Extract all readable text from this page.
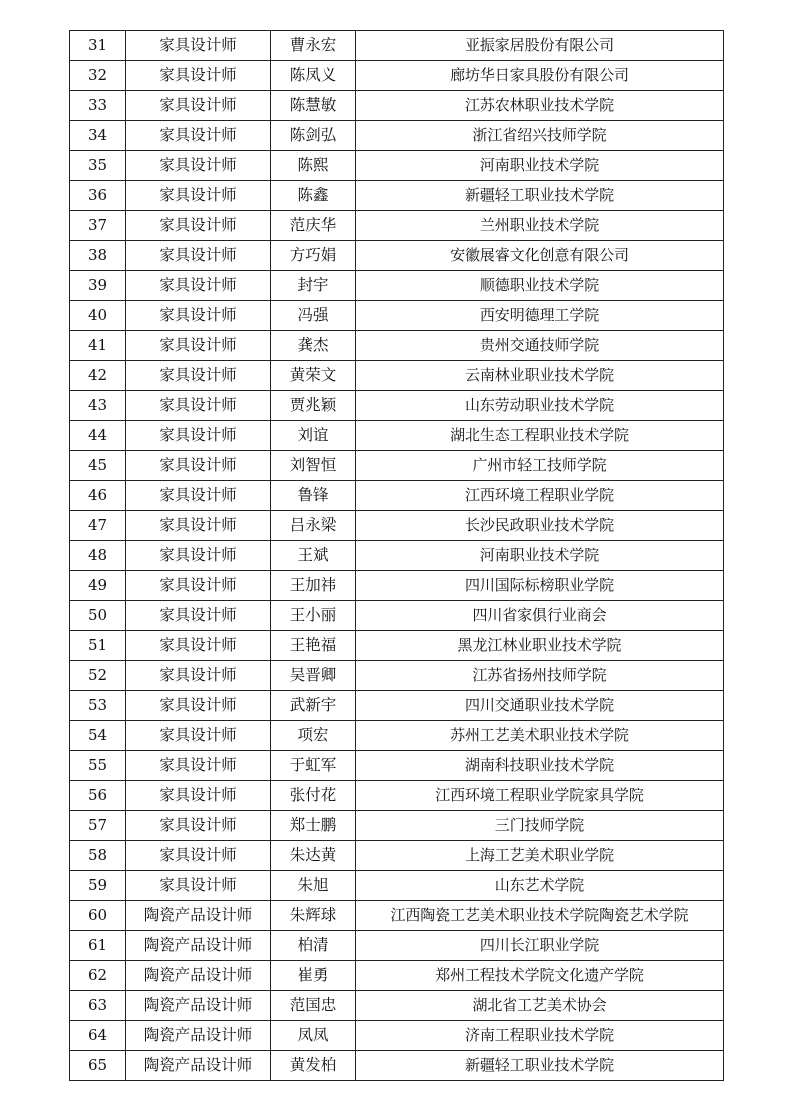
31	家具设计师	曹永宏	亚振家居股份有限公司
32	家具设计师	陈凤义	廊坊华日家具股份有限公司
33	家具设计师	陈慧敏	江苏农林职业技术学院
34	家具设计师	陈剑弘	浙江省绍兴技师学院
35	家具设计师	陈熙	河南职业技术学院
36	家具设计师	陈鑫	新疆轻工职业技术学院
37	家具设计师	范庆华	兰州职业技术学院
38	家具设计师	方巧娟	安徽展睿文化创意有限公司
39	家具设计师	封宇	顺德职业技术学院
40	家具设计师	冯强	西安明德理工学院
41	家具设计师	龚杰	贵州交通技师学院
42	家具设计师	黄荣文	云南林业职业技术学院
43	家具设计师	贾兆颖	山东劳动职业技术学院
44	家具设计师	刘谊	湖北生态工程职业技术学院
45	家具设计师	刘智恒	广州市轻工技师学院
46	家具设计师	鲁锋	江西环境工程职业学院
47	家具设计师	吕永梁	长沙民政职业技术学院
48	家具设计师	王斌	河南职业技术学院
49	家具设计师	王加祎	四川国际标榜职业学院
50	家具设计师	王小丽	四川省家俱行业商会
51	家具设计师	王艳福	黑龙江林业职业技术学院
52	家具设计师	吴晋卿	江苏省扬州技师学院
53	家具设计师	武新宇	四川交通职业技术学院
54	家具设计师	项宏	苏州工艺美术职业技术学院
55	家具设计师	于虹军	湖南科技职业技术学院
56	家具设计师	张付花	江西环境工程职业学院家具学院
57	家具设计师	郑士鹏	三门技师学院
58	家具设计师	朱达黄	上海工艺美术职业学院
59	家具设计师	朱旭	山东艺术学院
60	陶瓷产品设计师	朱辉球	江西陶瓷工艺美术职业技术学院陶瓷艺术学院
61	陶瓷产品设计师	柏清	四川长江职业学院
62	陶瓷产品设计师	崔勇	郑州工程技术学院文化遗产学院
63	陶瓷产品设计师	范国忠	湖北省工艺美术协会
64	陶瓷产品设计师	凤凤	济南工程职业技术学院
65	陶瓷产品设计师	黄发柏	新疆轻工职业技术学院
